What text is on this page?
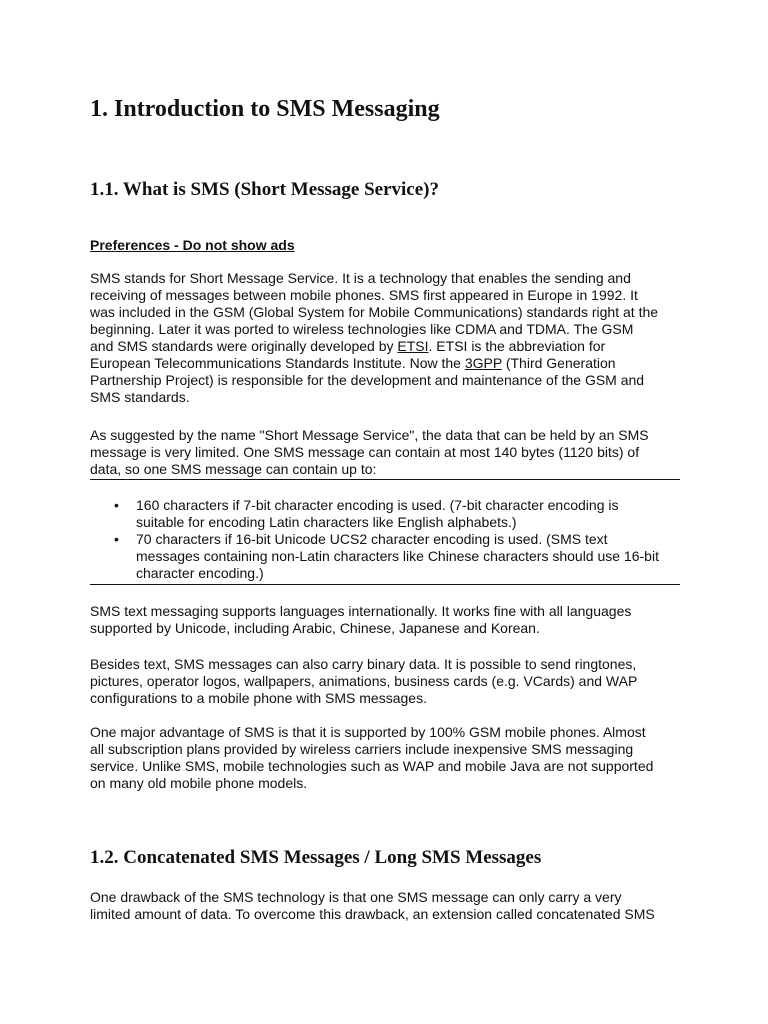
1. Introduction to SMS Messaging
1.1. What is SMS (Short Message Service)?
Preferences - Do not show ads

SMS stands for Short Message Service. It is a technology that enables the sending and
receiving of messages between mobile phones. SMS first appeared in Europe in 1992. It
was included in the GSM (Global System for Mobile Communications) standards right at the
beginning. Later it was ported to wireless technologies like CDMA and TDMA. The GSM
and SMS standards were originally developed by ETSI. ETSI is the abbreviation for
European Telecommunications Standards Institute. Now the 3GPP (Third Generation
Partnership Project) is responsible for the development and maintenance of the GSM and
SMS standards.

As suggested by the name "Short Message Service", the data that can be held by an SMS
message is very limited. One SMS message can contain at most 140 bytes (1120 bits) of
data, so one SMS message can contain up to:

• 160 characters if 7-bit character encoding is used. (7-bit character encoding is
suitable for encoding Latin characters like English alphabets.)
• 70 characters if 16-bit Unicode UCS2 character encoding is used. (SMS text
messages containing non-Latin characters like Chinese characters should use 16-bit
character encoding.)

SMS text messaging supports languages internationally. It works fine with all languages
supported by Unicode, including Arabic, Chinese, Japanese and Korean.

Besides text, SMS messages can also carry binary data. It is possible to send ringtones,
pictures, operator logos, wallpapers, animations, business cards (e.g. VCards) and WAP
configurations to a mobile phone with SMS messages.

One major advantage of SMS is that it is supported by 100% GSM mobile phones. Almost
all subscription plans provided by wireless carriers include inexpensive SMS messaging
service. Unlike SMS, mobile technologies such as WAP and mobile Java are not supported
on many old mobile phone models.

1.2. Concatenated SMS Messages / Long SMS Messages

One drawback of the SMS technology is that one SMS message can only carry a very
limited amount of data. To overcome this drawback, an extension called concatenated SMS
